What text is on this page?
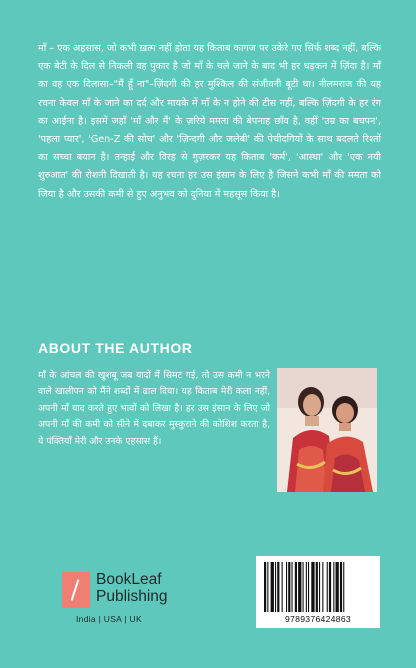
माँ – एक अहसास, जो कभी ख़त्म नहीं होता यह किताब कागज पर उकेरे गए सिर्फ शब्द नहीं, बल्कि एक बेटी के दिल से निकली वह पुकार है जो माँ के चले जाने के बाद भी हर धड़कन में ज़िंदा है। माँ का वह एक दिलासा–"मैं हूँ ना"–ज़िंदगी की हर मुश्किल की संजीवनी बूटी था। नीलमराज की यह रचना केवल माँ के जाने का दर्द और मायके में माँ के न होने की टीस नहीं, बल्कि ज़िंदगी के हर रंग का आईना है। इसमें जहाँ 'माँ और मैं' के ज़रिये ममता की बेपनाह छाँव है, वहीं 'उम्र का बचपन', 'पहला प्यार', 'Gen-Z की सोच' और 'ज़िन्दगी और जलेबी' की पेचीदगियों के साथ बदलते रिश्तों का सच्चा बयान है। तन्हाई और विरह से गुज़रकर यह किताब 'कर्म', 'आस्था' और 'एक नयी शुरुआत' की रोशनी दिखाती है। यह रचना हर उस इंसान के लिए है जिसने कभी माँ की ममता को जिया है और उसकी कमी से हुए अनुभव को दुनिया में महसूस किया है।

ABOUT THE AUTHOR

माँ के आंचल की खुशबू जब यादों में सिमट गई, तो उस कमी न भरने वाले खालीपन को मैंने शब्दों में ढाल दिया। यह किताब मेरी कला नहीं, अपनी माँ याद करते हुए भावों को लिखा है। हर उस इंसान के लिए जो अपनी माँ की कमी को सीने में दबाकर मुस्कुराने की कोशिश करता है, ये पंक्तियाँ मेरी और उनके एहसास हैं।

BookLeaf
Publishing
India | USA | UK	9789376424863
